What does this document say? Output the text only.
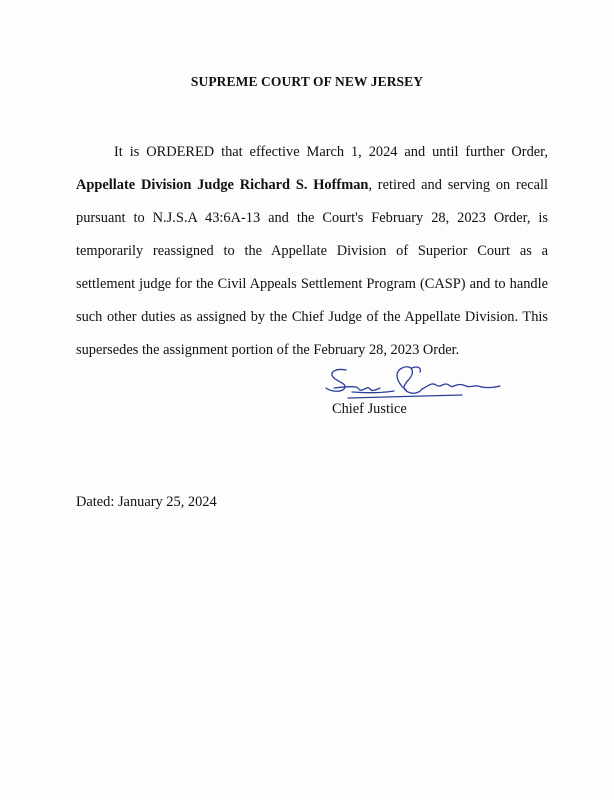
SUPREME COURT OF NEW JERSEY

It is ORDERED that effective March 1, 2024 and until further Order, Appellate Division Judge Richard S. Hoffman, retired and serving on recall pursuant to N.J.S.A 43:6A-13 and the Court's February 28, 2023 Order, is temporarily reassigned to the Appellate Division of Superior Court as a settlement judge for the Civil Appeals Settlement Program (CASP) and to handle such other duties as assigned by the Chief Judge of the Appellate Division. This supersedes the assignment portion of the February 28, 2023 Order.

Chief Justice
Dated: January 25, 2024
